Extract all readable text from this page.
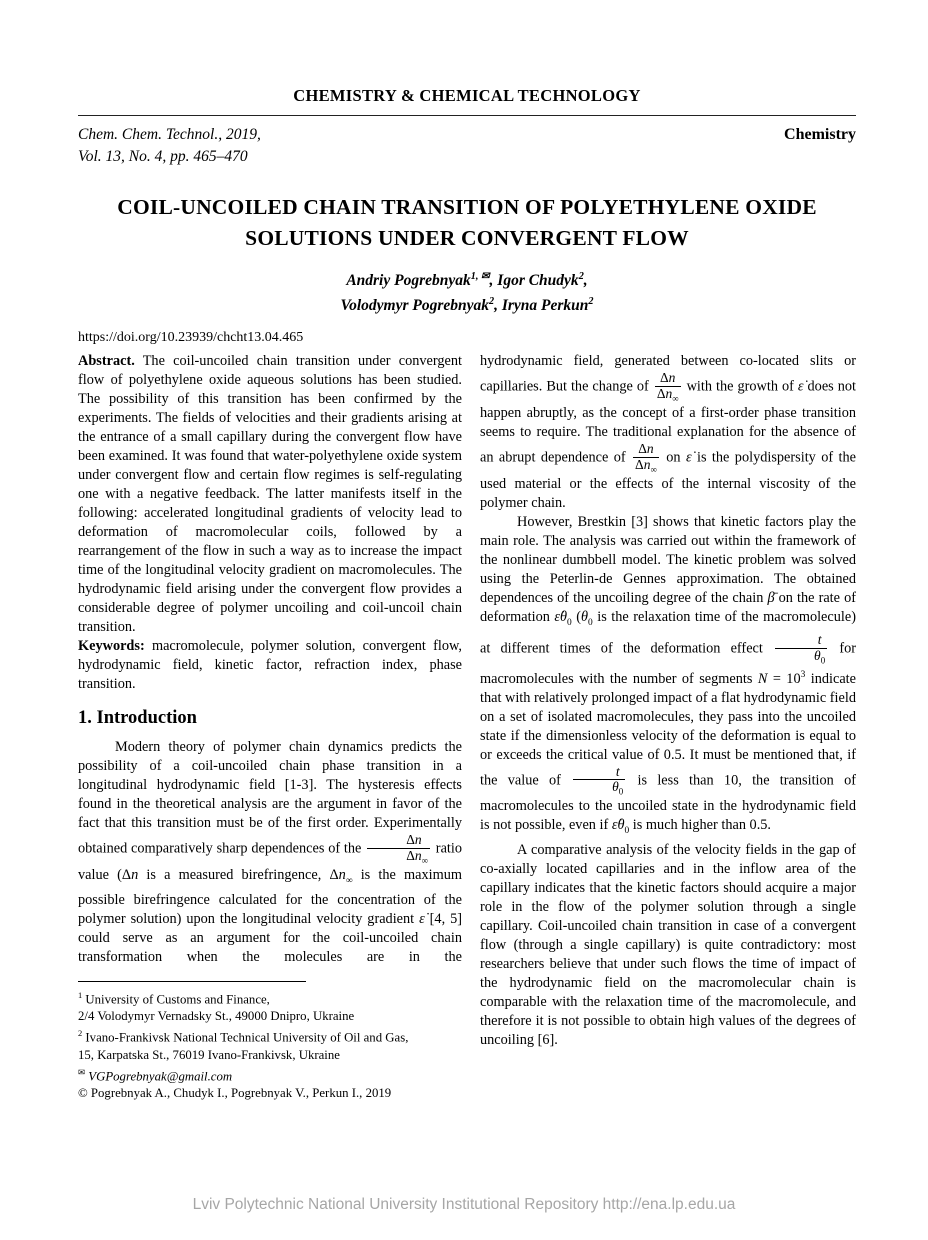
CHEMISTRY & CHEMICAL TECHNOLOGY
Chem. Chem. Technol., 2019,
Vol. 13, No. 4, pp. 465–470
Chemistry
COIL-UNCOILED CHAIN TRANSITION OF POLYETHYLENE OXIDE
SOLUTIONS UNDER CONVERGENT FLOW
Andriy Pogrebnyak$^{1,}$ ✉, Igor Chudyk$^2$,
Volodymyr Pogrebnyak$^2$, Iryna Perkun$^2$
https://doi.org/10.23939/chcht13.04.465

Abstract. The coil-uncoiled chain transition under convergent flow of polyethylene oxide aqueous solutions has been studied. The possibility of this transition has been confirmed by the experiments. The fields of velocities and their gradients arising at the entrance of a small capillary during the convergent flow have been examined. It was found that water-polyethylene oxide system under convergent flow and certain flow regimes is self-regulating one with a negative feedback. The latter manifests itself in the following: accelerated longitudinal gradients of velocity lead to deformation of macromolecular coils, followed by a rearrangement of the flow in such a way as to increase the impact time of the longitudinal velocity gradient on macromolecules. The hydrodynamic field arising under the convergent flow provides a considerable degree of polymer uncoiling and coil-uncoil chain transition.

Keywords: macromolecule, polymer solution, convergent flow, hydrodynamic field, kinetic factor, refraction index, phase transition.

1. Introduction

Modern theory of polymer chain dynamics predicts the possibility of a coil-uncoiled chain phase transition in a longitudinal hydrodynamic field [1-3]. The hysteresis effects found in the theoretical analysis are the argument in favor of the fact that this transition must be of the first order. Experimentally obtained comparatively sharp dependences of the $\frac{\Delta n}{\Delta n_\infty}$ ratio value (Δn is a measured birefringence, $\Delta n_\infty$ is the maximum possible birefringence calculated for the concentration of the polymer solution) upon the longitudinal velocity gradient ε̇ [4, 5] could serve as an argument for the coil-uncoiled chain transformation when the molecules are in the

$^1$ University of Customs and Finance,

2/4 Volodymyr Vernadsky St., 49000 Dnipro, Ukraine

$^2$ Ivano-Frankivsk National Technical University of Oil and Gas,

15, Karpatska St., 76019 Ivano-Frankivsk, Ukraine

✉ VGPogrebnyak@gmail.com

© Pogrebnyak A., Chudyk I., Pogrebnyak V., Perkun I., 2019

hydrodynamic field, generated between co-located slits or capillaries. But the change of $\frac{\Delta n}{\Delta n_\infty}$ with the growth of ε̇ does not happen abruptly, as the concept of a first-order phase transition seems to require. The traditional explanation for the absence of an abrupt dependence of $\frac{\Delta n}{\Delta n_\infty}$ on ε̇ is the polydispersity of the used material or the effects of the internal viscosity of the polymer chain.

However, Brestkin [3] shows that kinetic factors play the main role. The analysis was carried out within the framework of the nonlinear dumbbell model. The kinetic problem was solved using the Peterlin-de Gennes approximation. The obtained dependences of the uncoiling degree of the chain β̄ on the rate of deformation $\varepsiloṅ\theta_0$ ($\theta_0$ is the relaxation time of the macromolecule) at different times of the deformation effect $\frac{t}{\theta_0}$ for macromolecules with the number of segments $N = 10^3$ indicate that with relatively prolonged impact of a flat hydrodynamic field on a set of isolated macromolecules, they pass into the uncoiled state if the dimensionless velocity of the deformation is equal to or exceeds the critical value of 0.5. It must be mentioned that, if the value of $\frac{t}{\theta_0}$ is less than 10, the transition of macromolecules to the uncoiled state in the hydrodynamic field is not possible, even if $\varepsiloṅ\theta_0$ is much higher than 0.5.

A comparative analysis of the velocity fields in the gap of co-axially located capillaries and in the inflow area of the capillary indicates that the kinetic factors should acquire a major role in the flow of the polymer solution through a single capillary. Coil-uncoiled chain transition in case of a convergent flow (through a single capillary) is quite contradictory: most researchers believe that under such flows the time of impact of the hydrodynamic field on the macromolecular chain is comparable with the relaxation time of the macromolecule, and therefore it is not possible to obtain high values of the degrees of uncoiling [6].

Lviv Polytechnic National University Institutional Repository http://ena.lp.edu.ua
